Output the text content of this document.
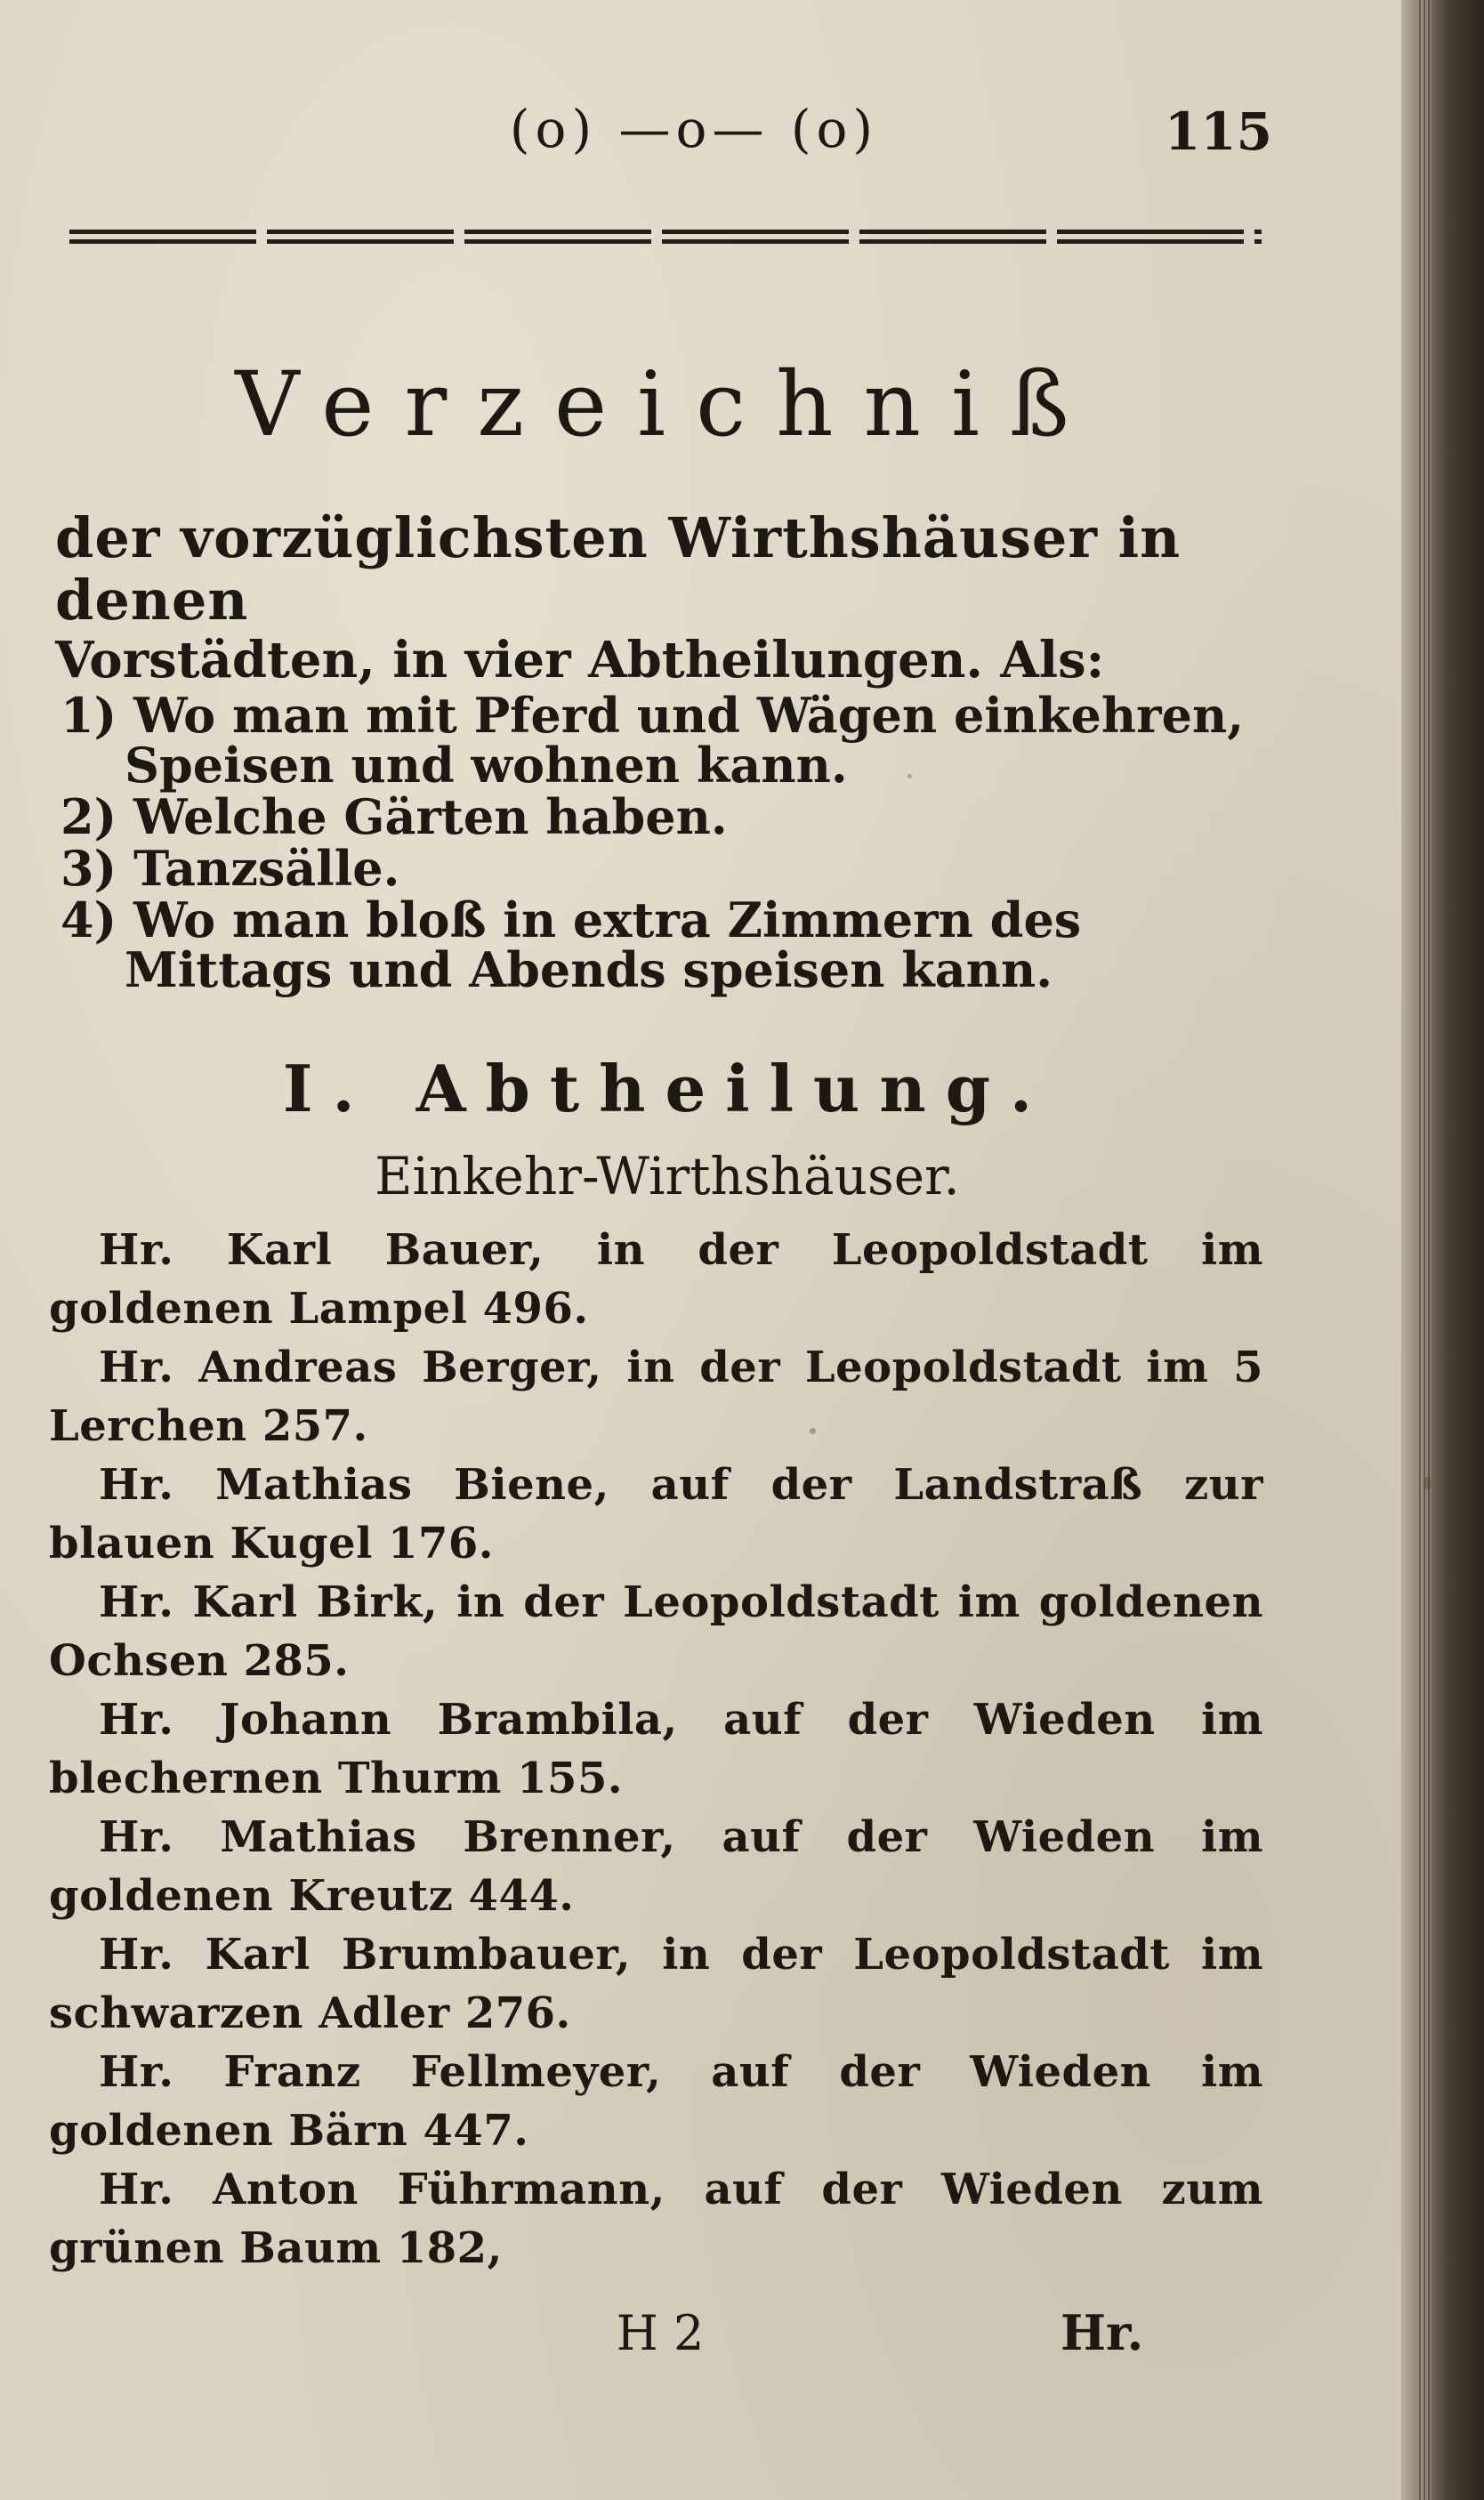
(o) —o— (o)	115
Verzeichniß

der vorzüglichsten Wirthshäuser in denen

Vorstädten, in vier Abtheilungen. Als:

1) Wo man mit Pferd und Wägen einkehren, Speisen und wohnen kann.
2) Welche Gärten haben.
3) Tanzsälle.
4) Wo man bloß in extra Zimmern des Mittags und Abends speisen kann.
I. Abtheilung.
Einkehr-Wirthshäuser.

Hr. Karl Bauer, in der Leopoldstadt im goldenen Lampel 496.

Hr. Andreas Berger, in der Leopoldstadt im 5 Lerchen 257.

Hr. Mathias Biene, auf der Landstraß zur blauen Kugel 176.

Hr. Karl Birk, in der Leopoldstadt im goldenen Ochsen 285.

Hr. Johann Brambila, auf der Wieden im blechernen Thurm 155.

Hr. Mathias Brenner, auf der Wieden im goldenen Kreutz 444.

Hr. Karl Brumbauer, in der Leopoldstadt im schwarzen Adler 276.

Hr. Franz Fellmeyer, auf der Wieden im goldenen Bärn 447.

Hr. Anton Führmann, auf der Wieden zum grünen Baum 182,

H 2	Hr.
